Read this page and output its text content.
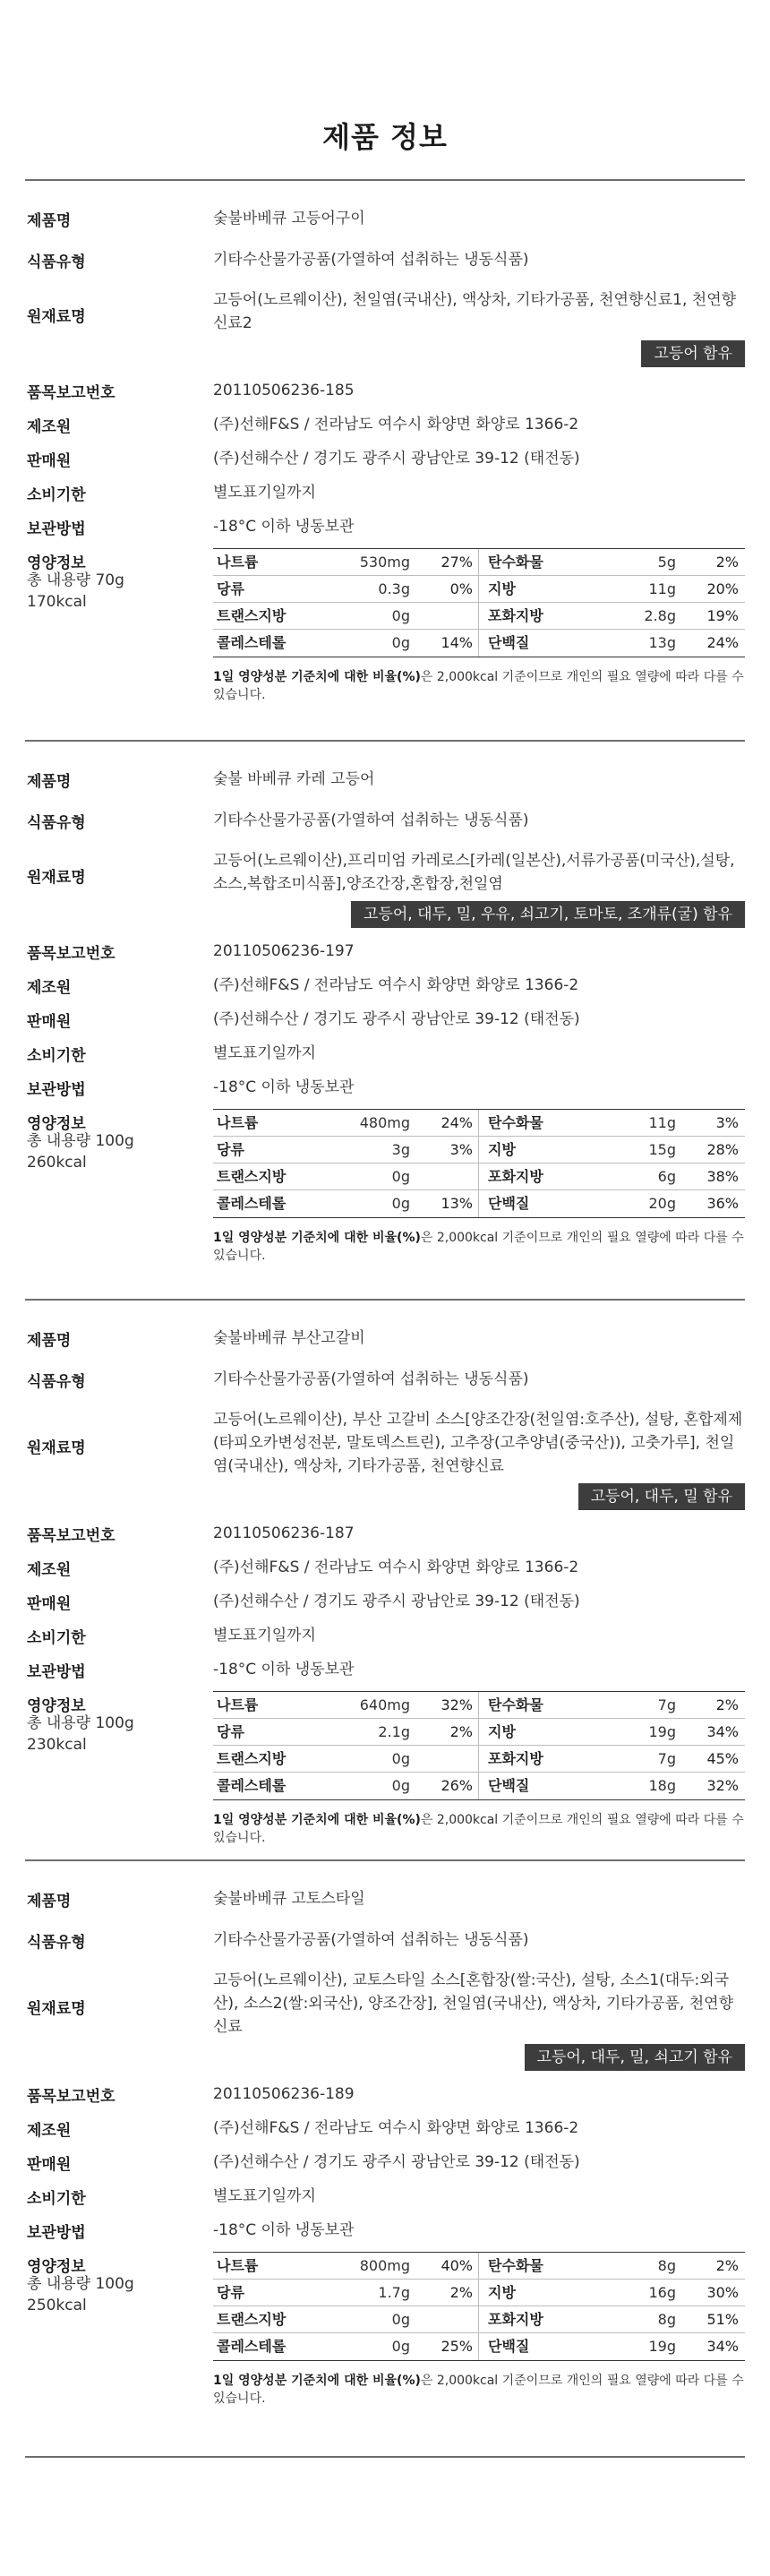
제품 정보
제품명	숯불바베큐 고등어구이
식품유형	기타수산물가공품(가열하여 섭취하는 냉동식품)
원재료명
고등어(노르웨이산), 천일염(국내산), 액상차, 기타가공품, 천연향신료1, 천연향신료2
고등어 함유
품목보고번호	20110506236-185
제조원	(주)선해F&S / 전라남도 여수시 화양면 화양로 1366-2
판매원	(주)선해수산 / 경기도 광주시 광남안로 39-12 (태전동)
소비기한	별도표기일까지
보관방법	-18°C 이하 냉동보관
영양정보
총 내용량 70g
170kcal
나트륨	530mg	27%	탄수화물	5g	2%
당류	0.3g	0%	지방	11g	20%
트랜스지방	0g	포화지방	2.8g	19%
콜레스테롤	0g	14%	단백질	13g	24%
1일 영양성분 기준치에 대한 비율(%)은 2,000kcal 기준이므로 개인의 필요 열량에 따라 다를 수 있습니다.
제품명	숯불 바베큐 카레 고등어
식품유형	기타수산물가공품(가열하여 섭취하는 냉동식품)
원재료명
고등어(노르웨이산),프리미엄 카레로스[카레(일본산),서류가공품(미국산),설탕,소스,복합조미식품],양조간장,혼합장,천일염
고등어, 대두, 밀, 우유, 쇠고기, 토마토, 조개류(굴) 함유
품목보고번호	20110506236-197
제조원	(주)선해F&S / 전라남도 여수시 화양면 화양로 1366-2
판매원	(주)선해수산 / 경기도 광주시 광남안로 39-12 (태전동)
소비기한	별도표기일까지
보관방법	-18°C 이하 냉동보관
영양정보
총 내용량 100g
260kcal
나트륨	480mg	24%	탄수화물	11g	3%
당류	3g	3%	지방	15g	28%
트랜스지방	0g	포화지방	6g	38%
콜레스테롤	0g	13%	단백질	20g	36%
1일 영양성분 기준치에 대한 비율(%)은 2,000kcal 기준이므로 개인의 필요 열량에 따라 다를 수 있습니다.
제품명	숯불바베큐 부산고갈비
식품유형	기타수산물가공품(가열하여 섭취하는 냉동식품)
원재료명
고등어(노르웨이산), 부산 고갈비 소스[양조간장(천일염:호주산), 설탕, 혼합제제(타피오카변성전분, 말토덱스트린), 고추장(고추양념(중국산)), 고춧가루], 천일염(국내산), 액상차, 기타가공품, 천연향신료
고등어, 대두, 밀 함유
품목보고번호	20110506236-187
제조원	(주)선해F&S / 전라남도 여수시 화양면 화양로 1366-2
판매원	(주)선해수산 / 경기도 광주시 광남안로 39-12 (태전동)
소비기한	별도표기일까지
보관방법	-18°C 이하 냉동보관
영양정보
총 내용량 100g
230kcal
나트륨	640mg	32%	탄수화물	7g	2%
당류	2.1g	2%	지방	19g	34%
트랜스지방	0g	포화지방	7g	45%
콜레스테롤	0g	26%	단백질	18g	32%
1일 영양성분 기준치에 대한 비율(%)은 2,000kcal 기준이므로 개인의 필요 열량에 따라 다를 수 있습니다.
제품명	숯불바베큐 고토스타일
식품유형	기타수산물가공품(가열하여 섭취하는 냉동식품)
원재료명
고등어(노르웨이산), 교토스타일 소스[혼합장(쌀:국산), 설탕, 소스1(대두:외국산), 소스2(쌀:외국산), 양조간장], 천일염(국내산), 액상차, 기타가공품, 천연향신료
고등어, 대두, 밀, 쇠고기 함유
품목보고번호	20110506236-189
제조원	(주)선해F&S / 전라남도 여수시 화양면 화양로 1366-2
판매원	(주)선해수산 / 경기도 광주시 광남안로 39-12 (태전동)
소비기한	별도표기일까지
보관방법	-18°C 이하 냉동보관
영양정보
총 내용량 100g
250kcal
나트륨	800mg	40%	탄수화물	8g	2%
당류	1.7g	2%	지방	16g	30%
트랜스지방	0g	포화지방	8g	51%
콜레스테롤	0g	25%	단백질	19g	34%
1일 영양성분 기준치에 대한 비율(%)은 2,000kcal 기준이므로 개인의 필요 열량에 따라 다를 수 있습니다.
